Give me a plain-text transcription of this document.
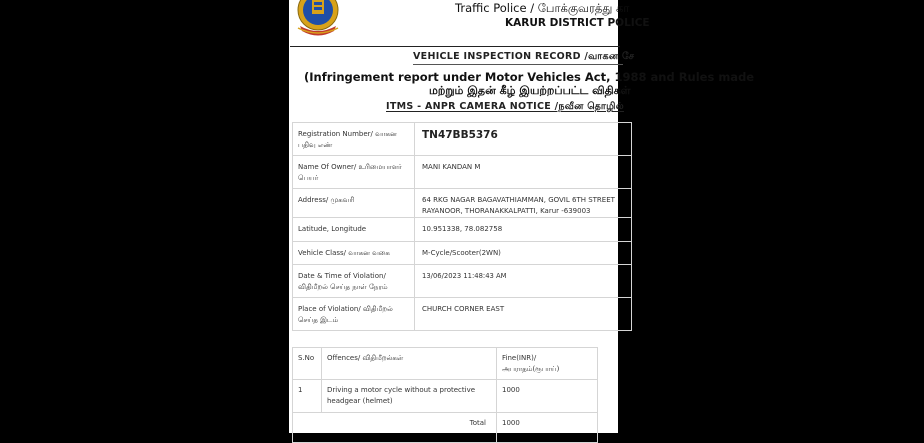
Traffic Police / போக்குவரத்து கா
KARUR DISTRICT POLICE
VEHICLE INSPECTION RECORD /வாகன சே
(Infringement report under Motor Vehicles Act, 1988 and Rules made
மற்றும் இதன் கீழ் இயற்றப்பட்ட விதிகள்
ITMS - ANPR CAMERA NOTICE /நவீன தொழில்
Registration Number/ வாகன பதிவு எண்	TN47BB5376
Name Of Owner/ உரிமையாளர் பெயர்	MANI KANDAN M
Address/ முகவரி	64 RKG NAGAR BAGAVATHIAMMAN, GOVIL 6TH STREET RAYANOOR, THORANAKKALPATTI, Karur -639003
Latitude, Longitude	10.951338, 78.082758
Vehicle Class/ வாகன வகை	M-Cycle/Scooter(2WN)
Date & Time of Violation/ விதிமீறல் செய்த நாள் நேரம்	13/06/2023 11:48:43 AM
Place of Violation/ விதிமீறல் செய்த இடம்	CHURCH CORNER EAST
S.No	Offences/ விதிமீறல்கள்	Fine(INR)/ அபராதம்(ரூபாய்)
1	Driving a motor cycle without a protective headgear (helmet)	1000
Total		1000
